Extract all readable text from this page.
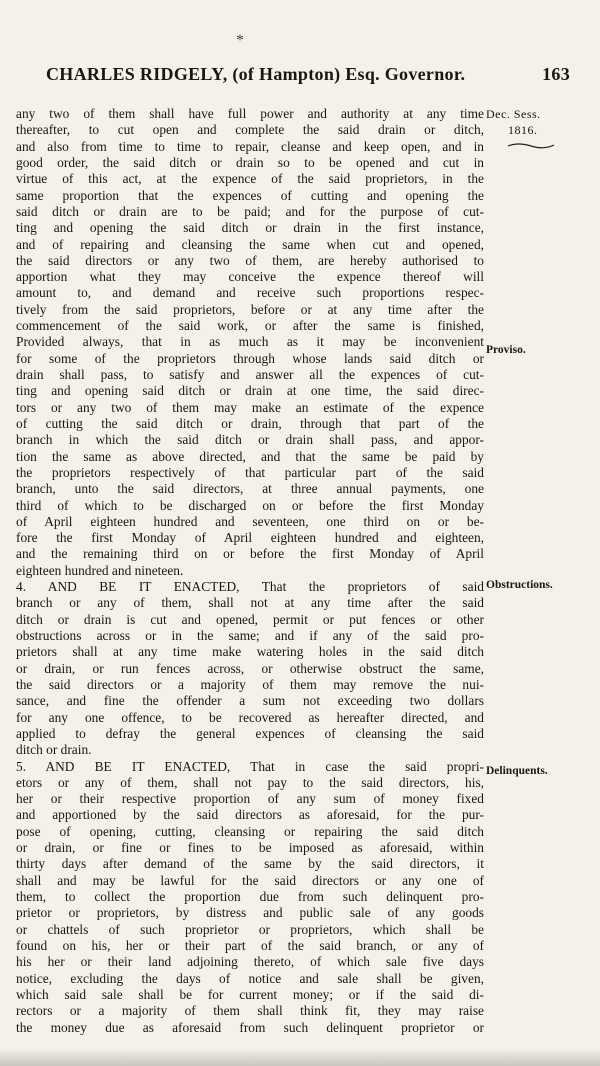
*
CHARLES RIDGELY, (of Hampton) Esq. Governor.	163
Dec. Sess.
1816.
Proviso.
Obstructions.
Delinquents.
any two of them shall have full power and authority at any time
thereafter, to cut open and complete the said drain or ditch,
and also from time to time to repair, cleanse and keep open, and in
good order, the said ditch or drain so to be opened and cut in
virtue of this act, at the expence of the said proprietors, in the
same proportion that the expences of cutting and opening the
said ditch or drain are to be paid; and for the purpose of cut-
ting and opening the said ditch or drain in the first instance,
and of repairing and cleansing the same when cut and opened,
the said directors or any two of them, are hereby authorised to
apportion what they may conceive the expence thereof will
amount to, and demand and receive such proportions respec-
tively from the said proprietors, before or at any time after the
commencement of the said work, or after the same is finished,
Provided always, that in as much as it may be inconvenient
for some of the proprietors through whose lands said ditch or
drain shall pass, to satisfy and answer all the expences of cut-
ting and opening said ditch or drain at one time, the said direc-
tors or any two of them may make an estimate of the expence
of cutting the said ditch or drain, through that part of the
branch in which the said ditch or drain shall pass, and appor-
tion the same as above directed, and that the same be paid by
the proprietors respectively of that particular part of the said
branch, unto the said directors, at three annual payments, one
third of which to be discharged on or before the first Monday
of April eighteen hundred and seventeen, one third on or be-
fore the first Monday of April eighteen hundred and eighteen,
and the remaining third on or before the first Monday of April
eighteen hundred and nineteen.
4. AND BE IT ENACTED, That the proprietors of said
branch or any of them, shall not at any time after the said
ditch or drain is cut and opened, permit or put fences or other
obstructions across or in the same; and if any of the said pro-
prietors shall at any time make watering holes in the said ditch
or drain, or run fences across, or otherwise obstruct the same,
the said directors or a majority of them may remove the nui-
sance, and fine the offender a sum not exceeding two dollars
for any one offence, to be recovered as hereafter directed, and
applied to defray the general expences of cleansing the said
ditch or drain.
5. AND BE IT ENACTED, That in case the said propri-
etors or any of them, shall not pay to the said directors, his,
her or their respective proportion of any sum of money fixed
and apportioned by the said directors as aforesaid, for the pur-
pose of opening, cutting, cleansing or repairing the said ditch
or drain, or fine or fines to be imposed as aforesaid, within
thirty days after demand of the same by the said directors, it
shall and may be lawful for the said directors or any one of
them, to collect the proportion due from such delinquent pro-
prietor or proprietors, by distress and public sale of any goods
or chattels of such proprietor or proprietors, which shall be
found on his, her or their part of the said branch, or any of
his her or their land adjoining thereto, of which sale five days
notice, excluding the days of notice and sale shall be given,
which said sale shall be for current money; or if the said di-
rectors or a majority of them shall think fit, they may raise
the money due as aforesaid from such delinquent proprietor or
